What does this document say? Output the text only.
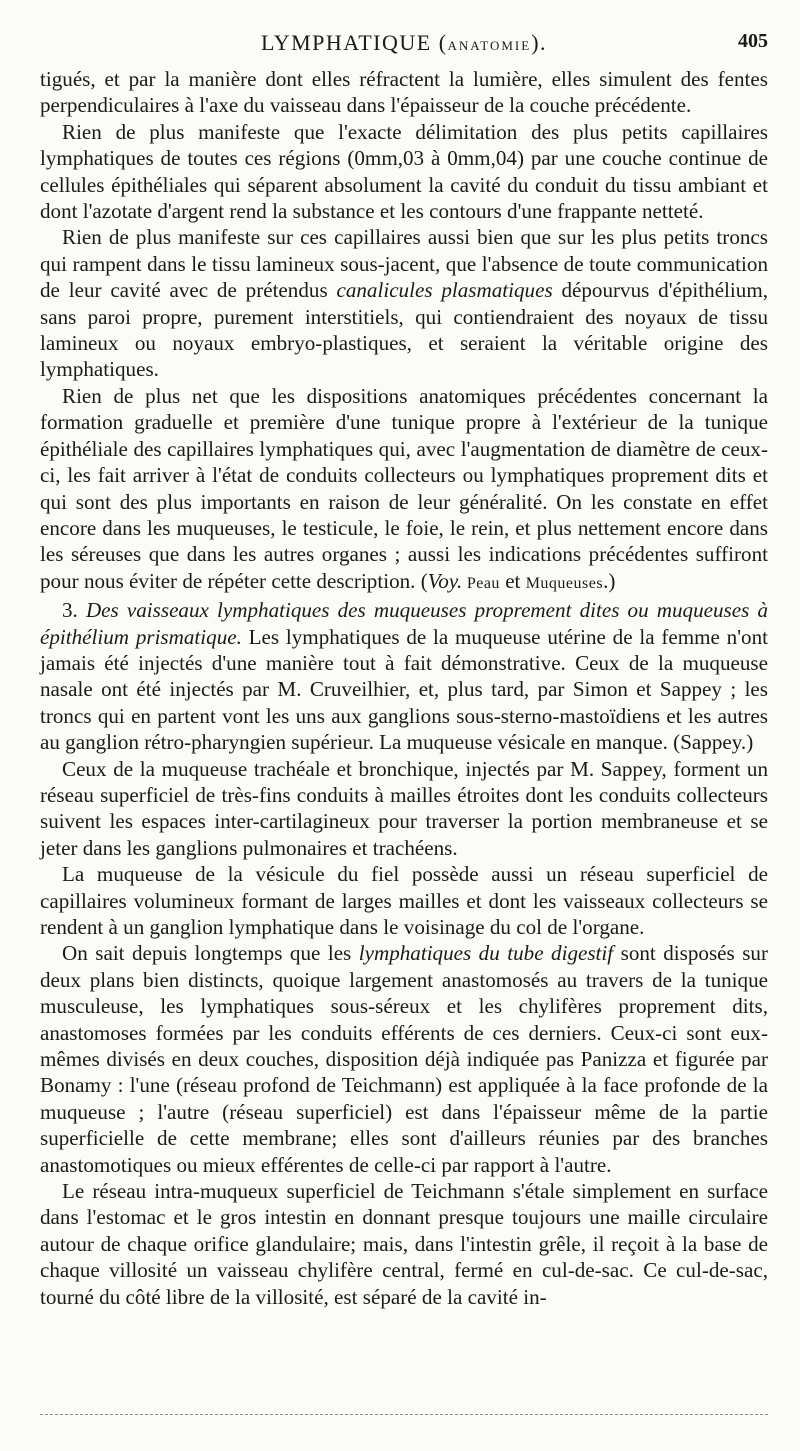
LYMPHATIQUE (ANATOMIE).	405

tigués, et par la manière dont elles réfractent la lumière, elles simulent des fentes perpendiculaires à l'axe du vaisseau dans l'épaisseur de la couche précédente.

Rien de plus manifeste que l'exacte délimitation des plus petits capillaires lymphatiques de toutes ces régions (0mm,03 à 0mm,04) par une couche continue de cellules épithéliales qui séparent absolument la cavité du conduit du tissu ambiant et dont l'azotate d'argent rend la substance et les contours d'une frappante netteté.

Rien de plus manifeste sur ces capillaires aussi bien que sur les plus petits troncs qui rampent dans le tissu lamineux sous-jacent, que l'absence de toute communication de leur cavité avec de prétendus canalicules plasmatiques dépourvus d'épithélium, sans paroi propre, purement interstitiels, qui contiendraient des noyaux de tissu lamineux ou noyaux embryo-plastiques, et seraient la véritable origine des lymphatiques.

Rien de plus net que les dispositions anatomiques précédentes concernant la formation graduelle et première d'une tunique propre à l'extérieur de la tunique épithéliale des capillaires lymphatiques qui, avec l'augmentation de diamètre de ceux-ci, les fait arriver à l'état de conduits collecteurs ou lymphatiques proprement dits et qui sont des plus importants en raison de leur généralité. On les constate en effet encore dans les muqueuses, le testicule, le foie, le rein, et plus nettement encore dans les séreuses que dans les autres organes ; aussi les indications précédentes suffiront pour nous éviter de répéter cette description. (Voy. Peau et Muqueuses.)

3. Des vaisseaux lymphatiques des muqueuses proprement dites ou muqueuses à épithélium prismatique. Les lymphatiques de la muqueuse utérine de la femme n'ont jamais été injectés d'une manière tout à fait démonstrative. Ceux de la muqueuse nasale ont été injectés par M. Cruveilhier, et, plus tard, par Simon et Sappey ; les troncs qui en partent vont les uns aux ganglions sous-sterno-mastoïdiens et les autres au ganglion rétro-pharyngien supérieur. La muqueuse vésicale en manque. (Sappey.)

Ceux de la muqueuse trachéale et bronchique, injectés par M. Sappey, forment un réseau superficiel de très-fins conduits à mailles étroites dont les conduits collecteurs suivent les espaces inter-cartilagineux pour traverser la portion membraneuse et se jeter dans les ganglions pulmonaires et trachéens.

La muqueuse de la vésicule du fiel possède aussi un réseau superficiel de capillaires volumineux formant de larges mailles et dont les vaisseaux collecteurs se rendent à un ganglion lymphatique dans le voisinage du col de l'organe.

On sait depuis longtemps que les lymphatiques du tube digestif sont disposés sur deux plans bien distincts, quoique largement anastomosés au travers de la tunique musculeuse, les lymphatiques sous-séreux et les chylifères proprement dits, anastomoses formées par les conduits efférents de ces derniers. Ceux-ci sont eux-mêmes divisés en deux couches, disposition déjà indiquée pas Panizza et figurée par Bonamy : l'une (réseau profond de Teichmann) est appliquée à la face profonde de la muqueuse ; l'autre (réseau superficiel) est dans l'épaisseur même de la partie superficielle de cette membrane; elles sont d'ailleurs réunies par des branches anastomotiques ou mieux efférentes de celle-ci par rapport à l'autre.

Le réseau intra-muqueux superficiel de Teichmann s'étale simplement en surface dans l'estomac et le gros intestin en donnant presque toujours une maille circulaire autour de chaque orifice glandulaire; mais, dans l'intestin grêle, il reçoit à la base de chaque villosité un vaisseau chylifère central, fermé en cul-de-sac. Ce cul-de-sac, tourné du côté libre de la villosité, est séparé de la cavité in-
